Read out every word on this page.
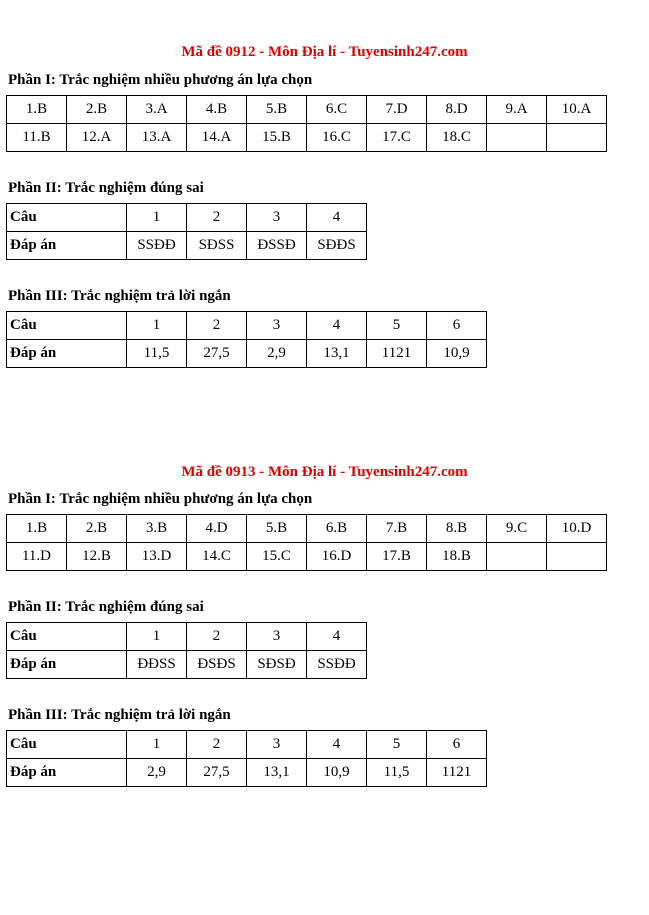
Mã đề 0912 - Môn Địa lí - Tuyensinh247.com
Phần I: Trắc nghiệm nhiều phương án lựa chọn
1.B	2.B	3.A	4.B	5.B	6.C	7.D	8.D	9.A	10.A
11.B	12.A	13.A	14.A	15.B	16.C	17.C	18.C		
Phần II: Trắc nghiệm đúng sai
Câu	1	2	3	4
Đáp án	SSĐĐ	SĐSS	ĐSSĐ	SĐĐS
Phần III: Trắc nghiệm trả lời ngắn
Câu	1	2	3	4	5	6
Đáp án	11,5	27,5	2,9	13,1	1121	10,9
Mã đề 0913 - Môn Địa lí - Tuyensinh247.com
Phần I: Trắc nghiệm nhiều phương án lựa chọn
1.B	2.B	3.B	4.D	5.B	6.B	7.B	8.B	9.C	10.D
11.D	12.B	13.D	14.C	15.C	16.D	17.B	18.B		
Phần II: Trắc nghiệm đúng sai
Câu	1	2	3	4
Đáp án	ĐĐSS	ĐSĐS	SĐSĐ	SSĐĐ
Phần III: Trắc nghiệm trả lời ngắn
Câu	1	2	3	4	5	6
Đáp án	2,9	27,5	13,1	10,9	11,5	1121
